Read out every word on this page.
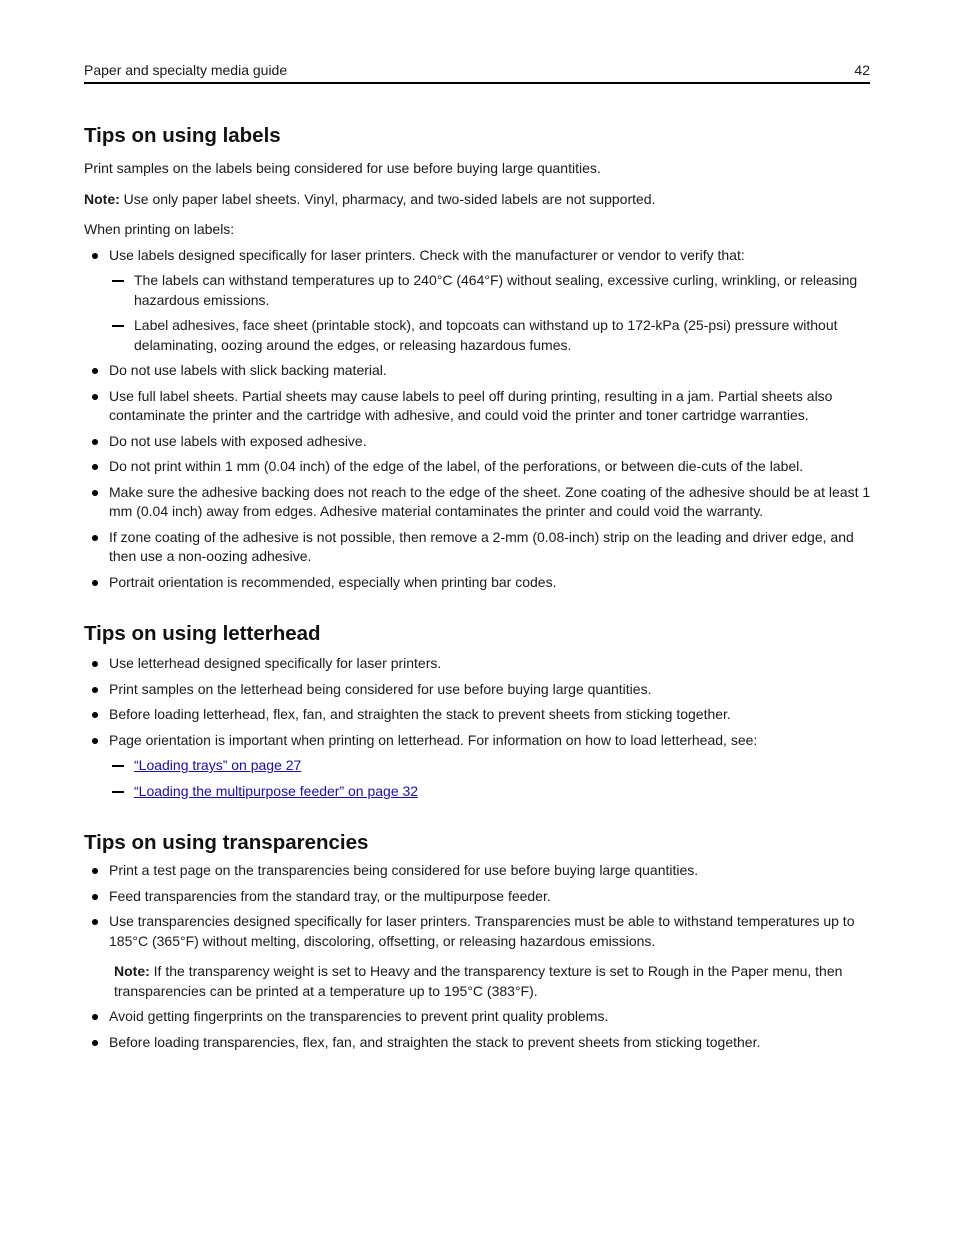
Paper and specialty media guide	42
Tips on using labels

Print samples on the labels being considered for use before buying large quantities.

Note: Use only paper label sheets. Vinyl, pharmacy, and two-sided labels are not supported.

When printing on labels:

Use labels designed specifically for laser printers. Check with the manufacturer or vendor to verify that:
The labels can withstand temperatures up to 240°C (464°F) without sealing, excessive curling, wrinkling, or releasing hazardous emissions.
Label adhesives, face sheet (printable stock), and topcoats can withstand up to 172‑kPa (25‑psi) pressure without delaminating, oozing around the edges, or releasing hazardous fumes.
Do not use labels with slick backing material.
Use full label sheets. Partial sheets may cause labels to peel off during printing, resulting in a jam. Partial sheets also contaminate the printer and the cartridge with adhesive, and could void the printer and toner cartridge warranties.
Do not use labels with exposed adhesive.
Do not print within 1 mm (0.04 inch) of the edge of the label, of the perforations, or between die‑cuts of the label.
Make sure the adhesive backing does not reach to the edge of the sheet. Zone coating of the adhesive should be at least 1 mm (0.04 inch) away from edges. Adhesive material contaminates the printer and could void the warranty.
If zone coating of the adhesive is not possible, then remove a 2‑mm (0.08‑inch) strip on the leading and driver edge, and then use a non‑oozing adhesive.
Portrait orientation is recommended, especially when printing bar codes.
Tips on using letterhead
Use letterhead designed specifically for laser printers.
Print samples on the letterhead being considered for use before buying large quantities.
Before loading letterhead, flex, fan, and straighten the stack to prevent sheets from sticking together.
Page orientation is important when printing on letterhead. For information on how to load letterhead, see:
“Loading trays” on page 27
“Loading the multipurpose feeder” on page 32
Tips on using transparencies
Print a test page on the transparencies being considered for use before buying large quantities.
Feed transparencies from the standard tray, or the multipurpose feeder.
Use transparencies designed specifically for laser printers. Transparencies must be able to withstand temperatures up to 185°C (365°F) without melting, discoloring, offsetting, or releasing hazardous emissions.

Note: If the transparency weight is set to Heavy and the transparency texture is set to Rough in the Paper menu, then transparencies can be printed at a temperature up to 195°C (383°F).

Avoid getting fingerprints on the transparencies to prevent print quality problems.
Before loading transparencies, flex, fan, and straighten the stack to prevent sheets from sticking together.
